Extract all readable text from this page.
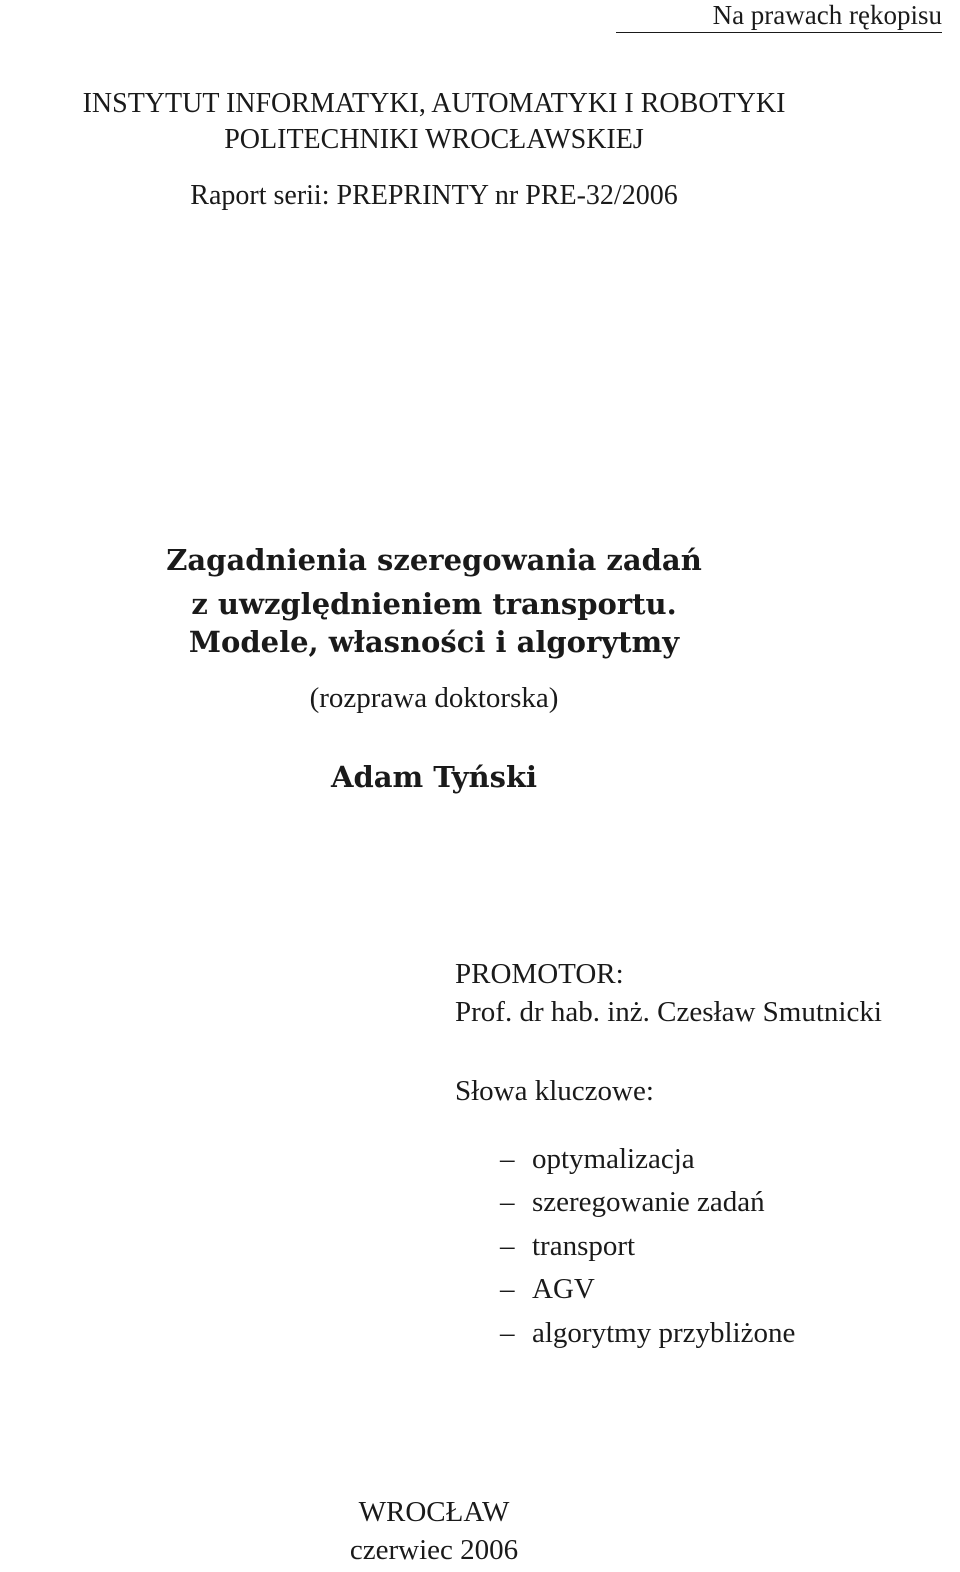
Na prawach rękopisu

INSTYTUT INFORMATYKI, AUTOMATYKI I ROBOTYKI

POLITECHNIKI WROCŁAWSKIEJ

Raport serii: PREPRINTY nr PRE-32/2006

Zagadnienia szeregowania zadań
z uwzględnieniem transportu.
Modele, własności i algorytmy

(rozprawa doktorska)

Adam Tyński

PROMOTOR:

Prof. dr hab. inż. Czesław Smutnicki

Słowa kluczowe:

– optymalizacja
– szeregowanie zadań
– transport
– AGV
– algorytmy przybliżone

WROCŁAW

czerwiec 2006
